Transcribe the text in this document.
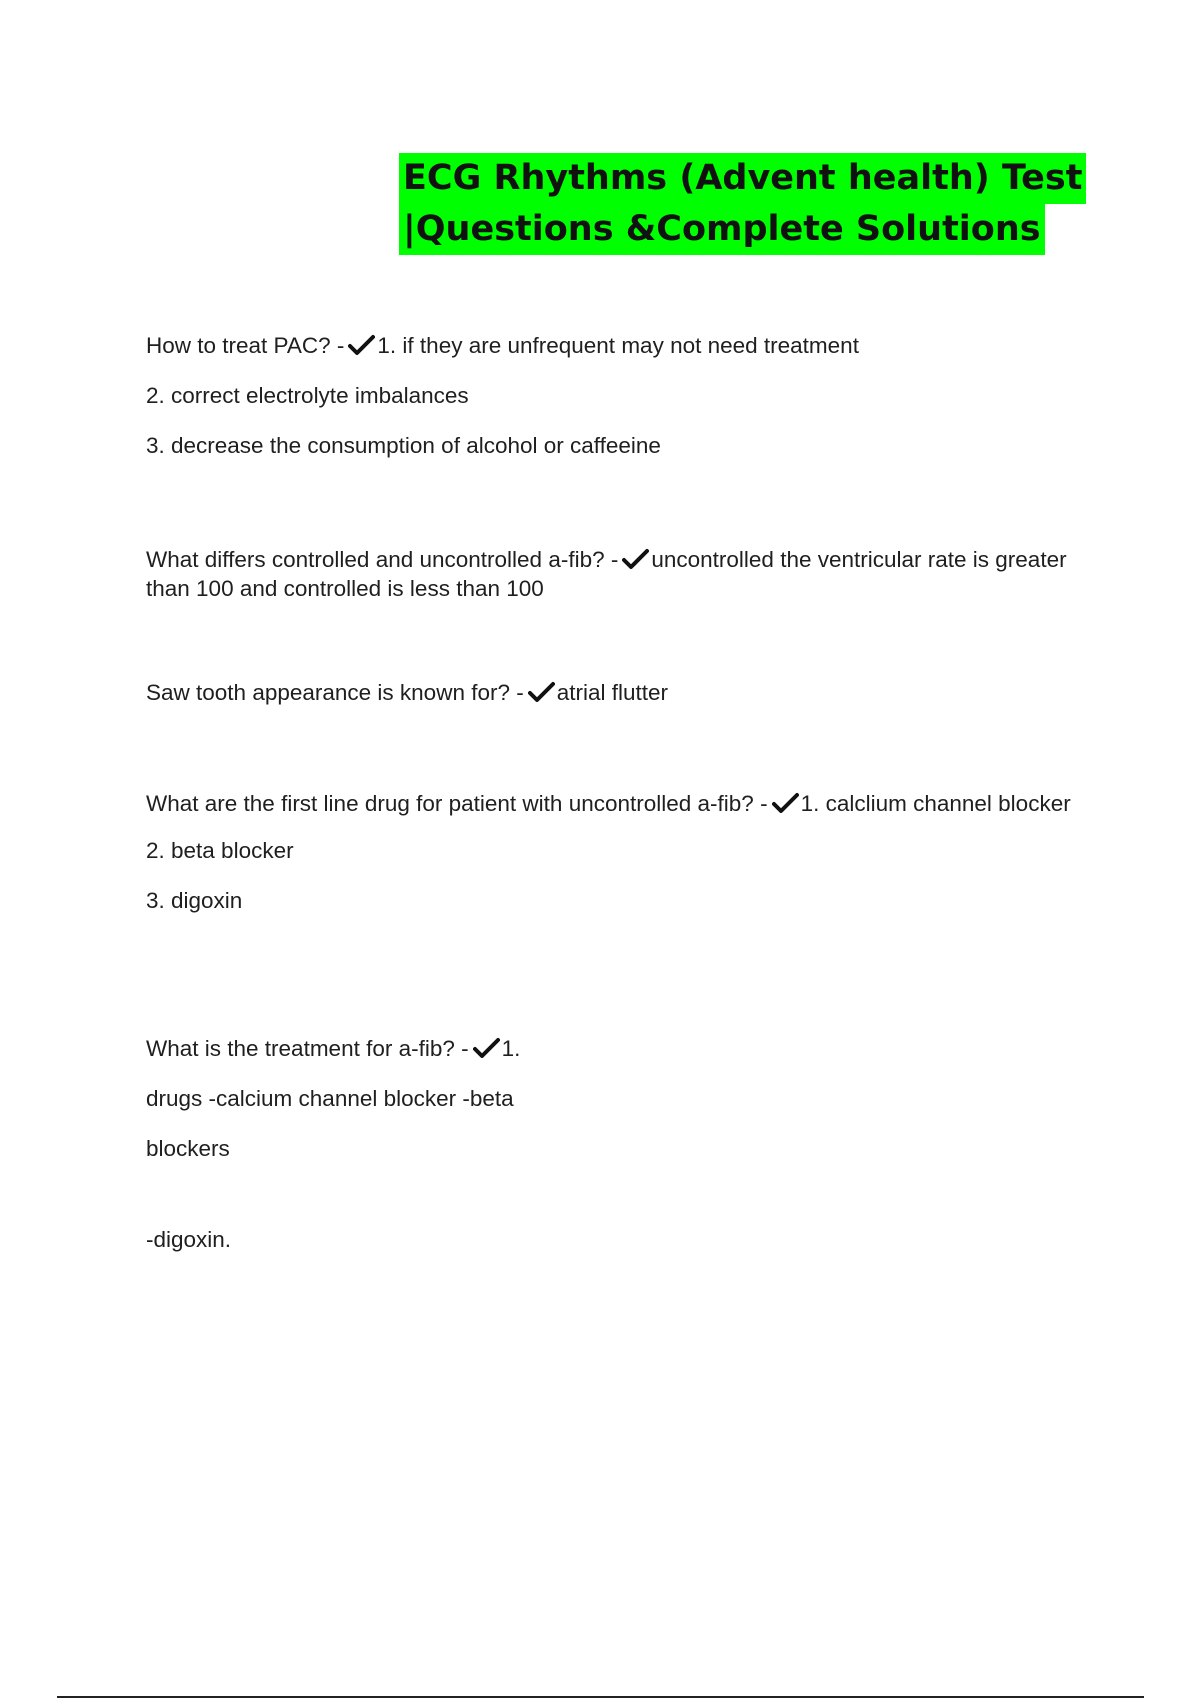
ECG Rhythms (Advent health) Test
|Questions &Complete Solutions

How to treat PAC? - 1. if they are unfrequent may not need treatment

2. correct electrolyte imbalances

3. decrease the consumption of alcohol or caffeeine

What differs controlled and uncontrolled a-fib? - uncontrolled the ventricular rate is greater than 100 and controlled is less than 100

Saw tooth appearance is known for? - atrial flutter

What are the first line drug for patient with uncontrolled a-fib? - 1. calclium channel blocker

2. beta blocker

3. digoxin

What is the treatment for a-fib? - 1.

drugs -calcium channel blocker -beta

blockers

-digoxin.
